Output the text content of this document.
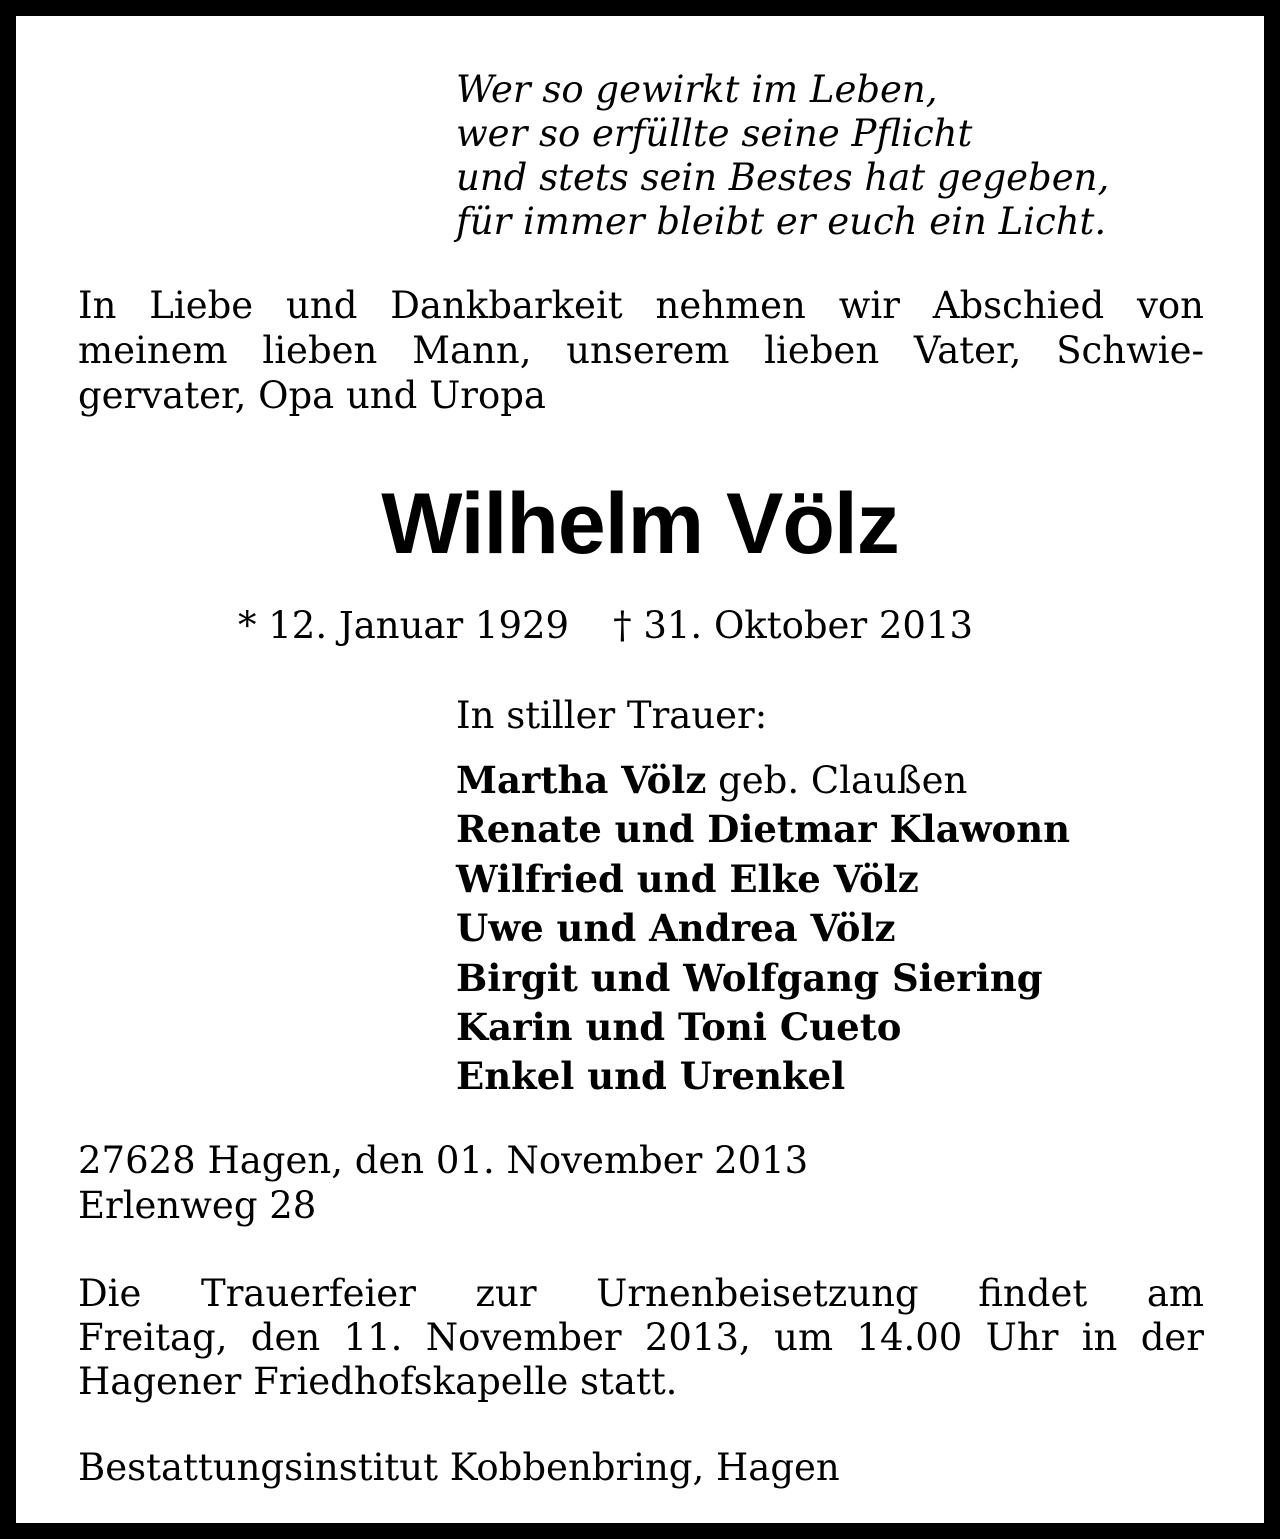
Wer so gewirkt im Leben,
wer so erfüllte seine Pflicht
und stets sein Bestes hat gegeben,
für immer bleibt er euch ein Licht.
In Liebe und Dankbarkeit nehmen wir Abschied von
meinem lieben Mann, unserem lieben Vater, Schwie-
gervater, Opa und Uropa
Wilhelm Völz
* 12. Januar 1929 † 31. Oktober 2013
In stiller Trauer:
Martha Völz geb. Claußen
Renate und Dietmar Klawonn
Wilfried und Elke Völz
Uwe und Andrea Völz
Birgit und Wolfgang Siering
Karin und Toni Cueto
Enkel und Urenkel
27628 Hagen, den 01. November 2013
Erlenweg 28
Die Trauerfeier zur Urnenbeisetzung findet am
Freitag, den 11. November 2013, um 14.00 Uhr in der
Hagener Friedhofskapelle statt.
Bestattungsinstitut Kobbenbring, Hagen
